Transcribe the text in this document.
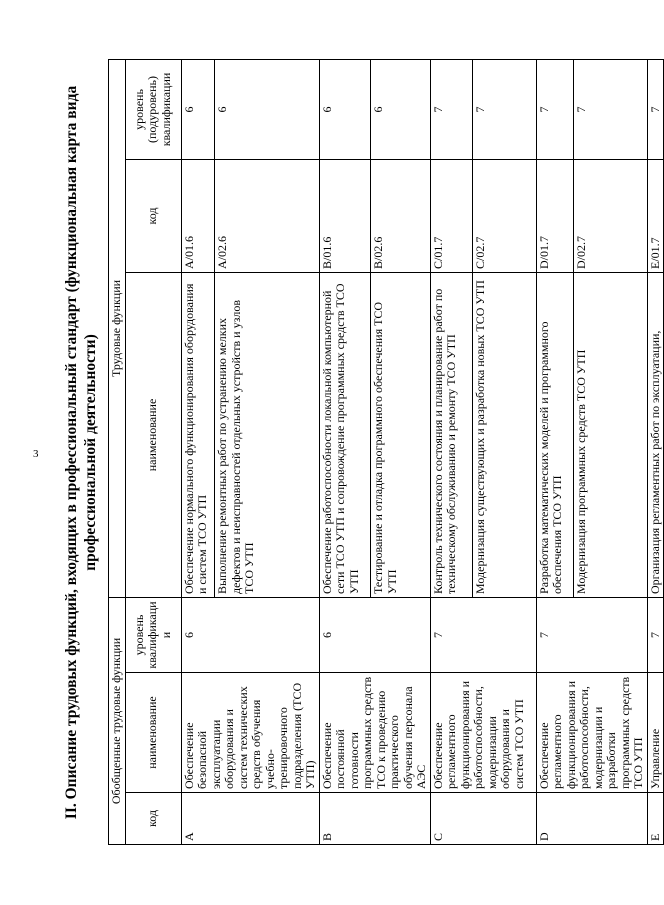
3 II. Описание трудовых функций, входящих в профессиональный стандарт (функциональная карта вида профессиональной деятельности)
Обобщенные трудовые функции			Трудовые функции		
код	наименование	уровень квалификации	наименование	код	уровень (подуровень) квалификации
A	Обеспечение безопасной эксплуатации оборудования и систем технических средств обучения учебно-тренировочного подразделения (ТСО УТП)	6	Обеспечение нормального функционирования оборудования и систем ТСО УТП	A/01.6	6
			Выполнение ремонтных работ по устранению мелких дефектов и неисправностей отдельных устройств и узлов ТСО УТП	A/02.6	6
B	Обеспечение постоянной готовности программных средств ТСО к проведению практического обучения персонала АЭС	6	Обеспечение работоспособности локальной компьютерной сети ТСО УТП и сопровождение программных средств ТСО УТП	B/01.6	6
			Тестирование и отладка программного обеспечения ТСО УТП	B/02.6	6
C	Обеспечение регламентного функционирования и работоспособности, модернизации оборудования и систем ТСО УТП	7	Контроль технического состояния и планирование работ по техническому обслуживанию и ремонту ТСО УТП	C/01.7	7
			Модернизация существующих и разработка новых ТСО УТП	C/02.7	7
D	Обеспечение регламентного функционирования и работоспособности, модернизации и разработки программных средств ТСО УТП	7	Разработка математических моделей и программного обеспечения ТСО УТП	D/01.7	7
			Модернизация программных средств ТСО УТП	D/02.7	7
E	Управление	7	Организация регламентных работ по эксплуатации,	E/01.7	7
